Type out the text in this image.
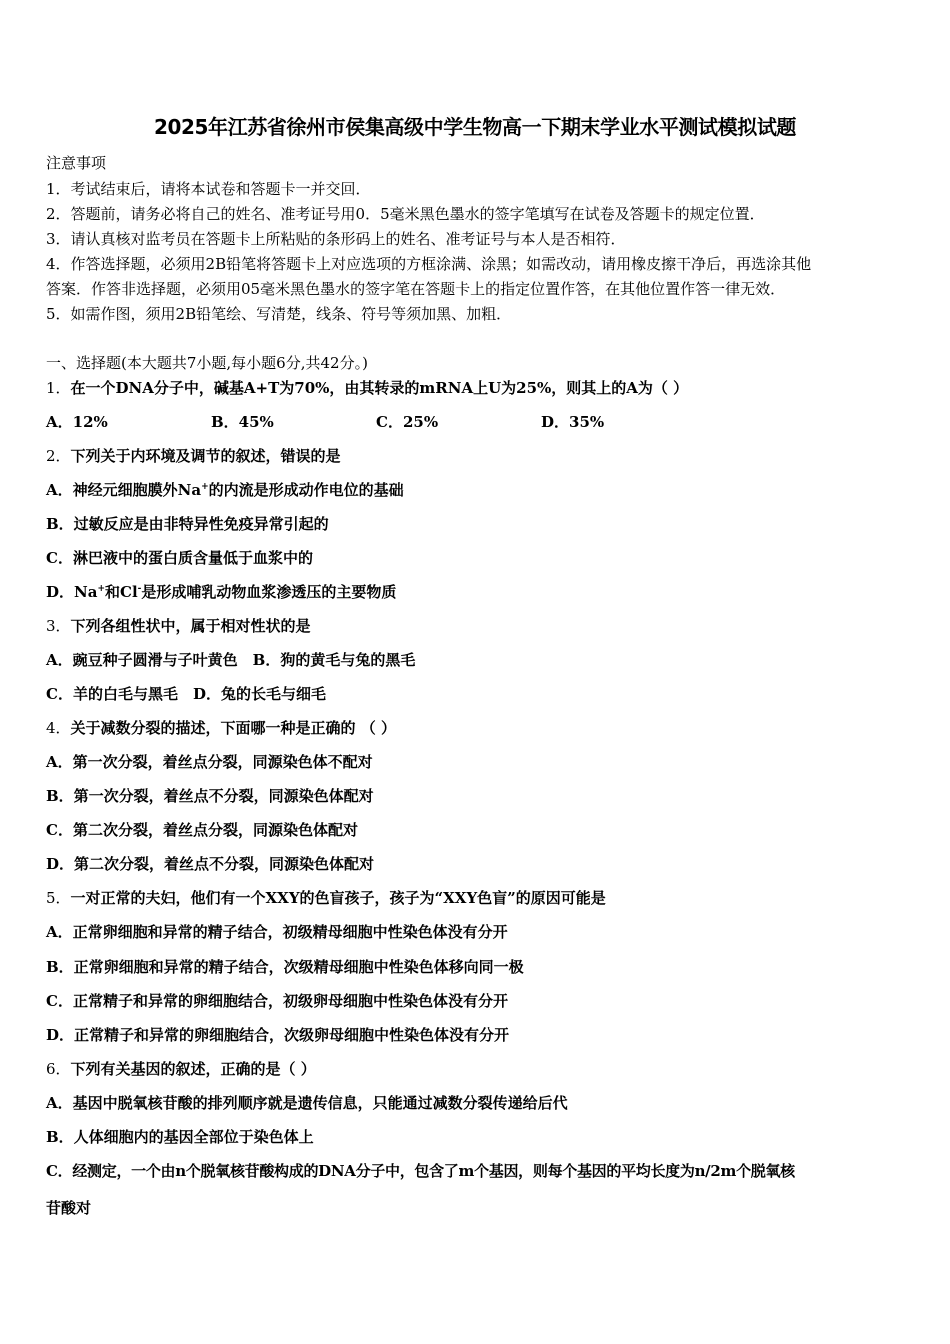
2025年江苏省徐州市侯集高级中学生物高一下期末学业水平测试模拟试题
注意事项
1．考试结束后，请将本试卷和答题卡一并交回．
2．答题前，请务必将自己的姓名、准考证号用0．5毫米黑色墨水的签字笔填写在试卷及答题卡的规定位置．
3．请认真核对监考员在答题卡上所粘贴的条形码上的姓名、准考证号与本人是否相符．
4．作答选择题，必须用2B铅笔将答题卡上对应选项的方框涂满、涂黑；如需改动，请用橡皮擦干净后，再选涂其他
答案．作答非选择题，必须用05毫米黑色墨水的签字笔在答题卡上的指定位置作答，在其他位置作答一律无效．
5．如需作图，须用2B铅笔绘、写清楚，线条、符号等须加黑、加粗．
一、选择题(本大题共7小题,每小题6分,共42分。)
1．在一个DNA分子中，碱基A+T为70%，由其转录的mRNA上U为25%，则其上的A为（ ）
A．12%	B．45%	C．25%	D．35%
2．下列关于内环境及调节的叙述，错误的是
A．神经元细胞膜外Na+的内流是形成动作电位的基础
B．过敏反应是由非特异性免疫异常引起的
C．淋巴液中的蛋白质含量低于血浆中的
D．Na+和Cl-是形成哺乳动物血浆渗透压的主要物质
3．下列各组性状中，属于相对性状的是
A．豌豆种子圆滑与子叶黄色　B．狗的黄毛与兔的黑毛
C．羊的白毛与黑毛　D．兔的长毛与细毛
4．关于减数分裂的描述，下面哪一种是正确的 （ ）
A．第一次分裂，着丝点分裂，同源染色体不配对
B．第一次分裂，着丝点不分裂，同源染色体配对
C．第二次分裂，着丝点分裂，同源染色体配对
D．第二次分裂，着丝点不分裂，同源染色体配对
5．一对正常的夫妇，他们有一个XXY的色盲孩子，孩子为“XXY色盲”的原因可能是
A．正常卵细胞和异常的精子结合，初级精母细胞中性染色体没有分开
B．正常卵细胞和异常的精子结合，次级精母细胞中性染色体移向同一极
C．正常精子和异常的卵细胞结合，初级卵母细胞中性染色体没有分开
D．正常精子和异常的卵细胞结合，次级卵母细胞中性染色体没有分开
6．下列有关基因的叙述，正确的是（ ）
A．基因中脱氧核苷酸的排列顺序就是遗传信息，只能通过减数分裂传递给后代
B．人体细胞内的基因全部位于染色体上
C．经测定，一个由n个脱氧核苷酸构成的DNA分子中，包含了m个基因，则每个基因的平均长度为n/2m个脱氧核
苷酸对
